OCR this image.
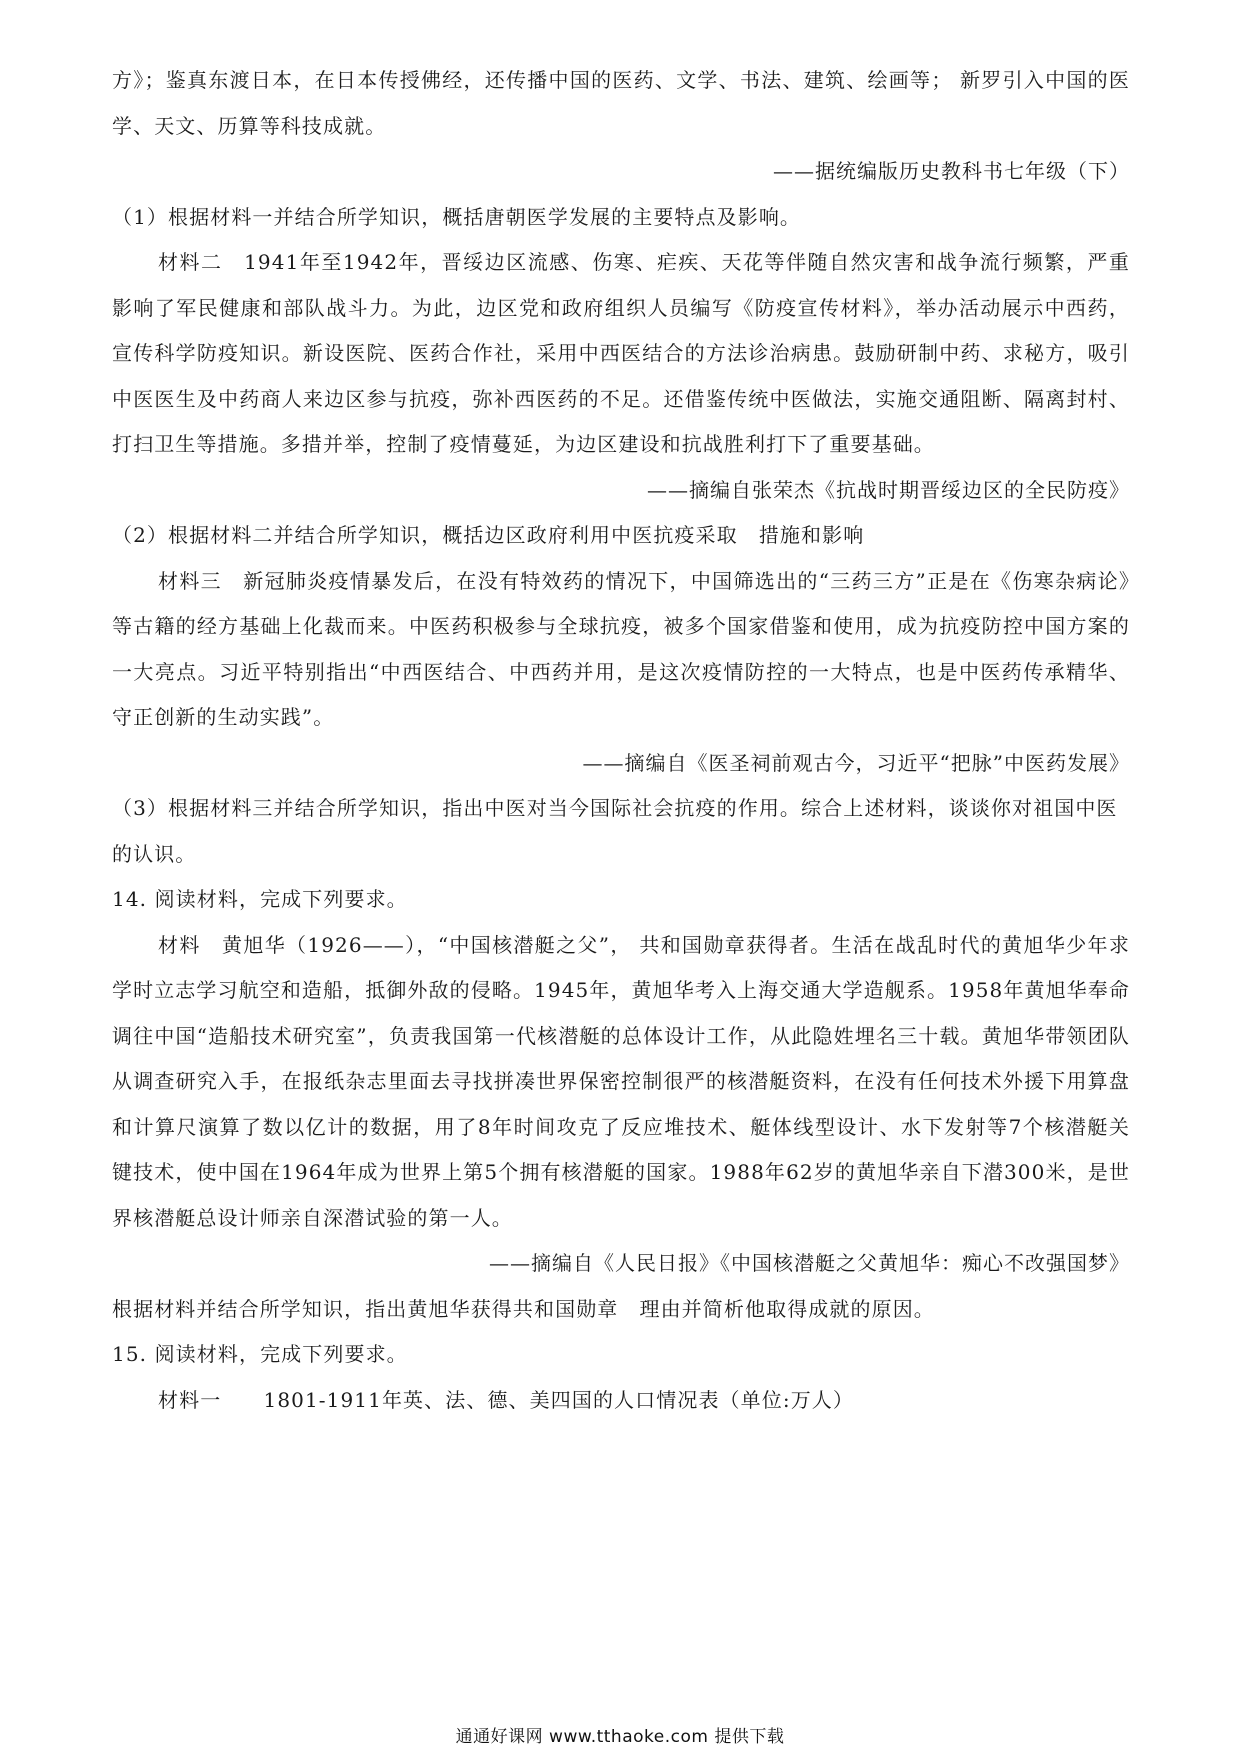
方》；鉴真东渡日本，在日本传授佛经，还传播中国的医药、文学、书法、建筑、绘画等； 新罗引入中国的医学、天文、历算等科技成就。

——据统编版历史教科书七年级（下）

（1）根据材料一并结合所学知识，概括唐朝医学发展的主要特点及影响。

材料二　1941年至1942年，晋绥边区流感、伤寒、疟疾、天花等伴随自然灾害和战争流行频繁，严重影响了军民健康和部队战斗力。为此，边区党和政府组织人员编写《防疫宣传材料》，举办活动展示中西药，宣传科学防疫知识。新设医院、医药合作社，采用中西医结合的方法诊治病患。鼓励研制中药、求秘方，吸引中医医生及中药商人来边区参与抗疫，弥补西医药的不足。还借鉴传统中医做法，实施交通阻断、隔离封村、打扫卫生等措施。多措并举，控制了疫情蔓延，为边区建设和抗战胜利打下了重要基础。

——摘编自张荣杰《抗战时期晋绥边区的全民防疫》

（2）根据材料二并结合所学知识，概括边区政府利用中医抗疫采取　措施和影响

材料三　新冠肺炎疫情暴发后，在没有特效药的情况下，中国筛选出的“三药三方”正是在《伤寒杂病论》等古籍的经方基础上化裁而来。中医药积极参与全球抗疫，被多个国家借鉴和使用，成为抗疫防控中国方案的一大亮点。习近平特别指出“中西医结合、中西药并用，是这次疫情防控的一大特点，也是中医药传承精华、守正创新的生动实践”。

——摘编自《医圣祠前观古今，习近平“把脉”中医药发展》

（3）根据材料三并结合所学知识，指出中医对当今国际社会抗疫的作用。综合上述材料，谈谈你对祖国中医的认识。

14. 阅读材料，完成下列要求。

材料　黄旭华（1926——），“中国核潜艇之父”， 共和国勋章获得者。生活在战乱时代的黄旭华少年求学时立志学习航空和造船，抵御外敌的侵略。1945年，黄旭华考入上海交通大学造舰系。1958年黄旭华奉命调往中国“造船技术研究室”，负责我国第一代核潜艇的总体设计工作，从此隐姓埋名三十载。黄旭华带领团队从调查研究入手，在报纸杂志里面去寻找拼凑世界保密控制很严的核潜艇资料，在没有任何技术外援下用算盘和计算尺演算了数以亿计的数据，用了8年时间攻克了反应堆技术、艇体线型设计、水下发射等7个核潜艇关键技术，使中国在1964年成为世界上第5个拥有核潜艇的国家。1988年62岁的黄旭华亲自下潜300米，是世界核潜艇总设计师亲自深潜试验的第一人。

——摘编自《人民日报》《中国核潜艇之父黄旭华：痴心不改强国梦》

根据材料并结合所学知识，指出黄旭华获得共和国勋章　理由并简析他取得成就的原因。

15. 阅读材料，完成下列要求。

材料一　　1801-1911年英、法、德、美四国的人口情况表（单位:万人）

通通好课网 www.tthaoke.com 提供下载
